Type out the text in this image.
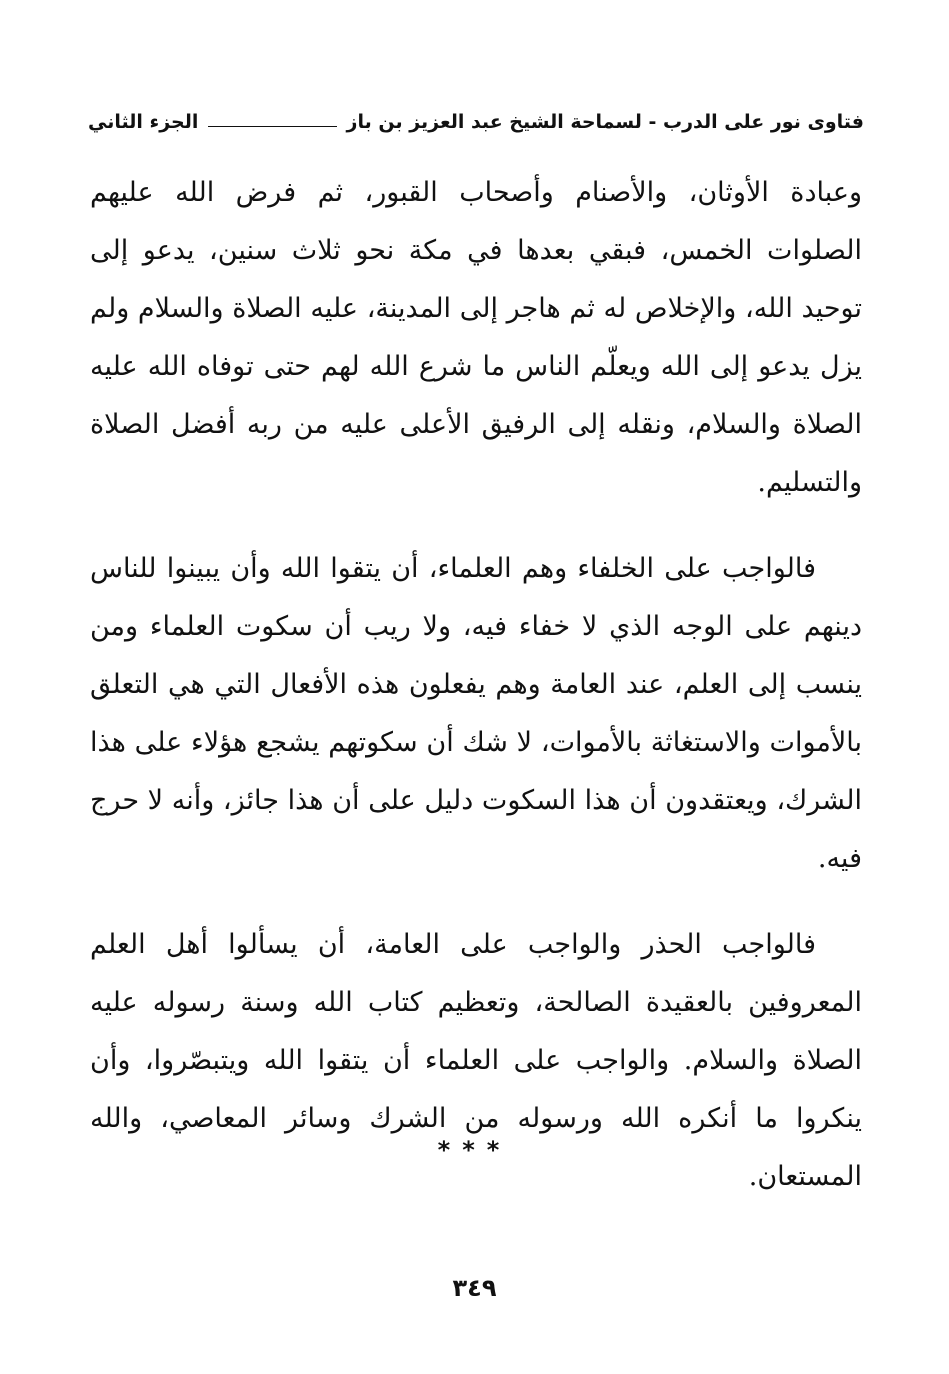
فتاوى نور على الدرب - لسماحة الشيخ عبد العزيز بن باز
الجزء الثاني

وعبادة الأوثان، والأصنام وأصحاب القبور، ثم فرض الله عليهم الصلوات الخمس، فبقي بعدها في مكة نحو ثلاث سنين، يدعو إلى توحيد الله، والإخلاص له ثم هاجر إلى المدينة، عليه الصلاة والسلام ولم يزل يدعو إلى الله ويعلّم الناس ما شرع الله لهم حتى توفاه الله عليه الصلاة والسلام، ونقله إلى الرفيق الأعلى عليه من ربه أفضل الصلاة والتسليم.

فالواجب على الخلفاء وهم العلماء، أن يتقوا الله وأن يبينوا للناس دينهم على الوجه الذي لا خفاء فيه، ولا ريب أن سكوت العلماء ومن ينسب إلى العلم، عند العامة وهم يفعلون هذه الأفعال التي هي التعلق بالأموات والاستغاثة بالأموات، لا شك أن سكوتهم يشجع هؤلاء على هذا الشرك، ويعتقدون أن هذا السكوت دليل على أن هذا جائز، وأنه لا حرج فيه.

فالواجب الحذر والواجب على العامة، أن يسألوا أهل العلم المعروفين بالعقيدة الصالحة، وتعظيم كتاب الله وسنة رسوله عليه الصلاة والسلام. والواجب على العلماء أن يتقوا الله ويتبصّروا، وأن ينكروا ما أنكره الله ورسوله من الشرك وسائر المعاصي، والله المستعان.

***
٣٤٩
